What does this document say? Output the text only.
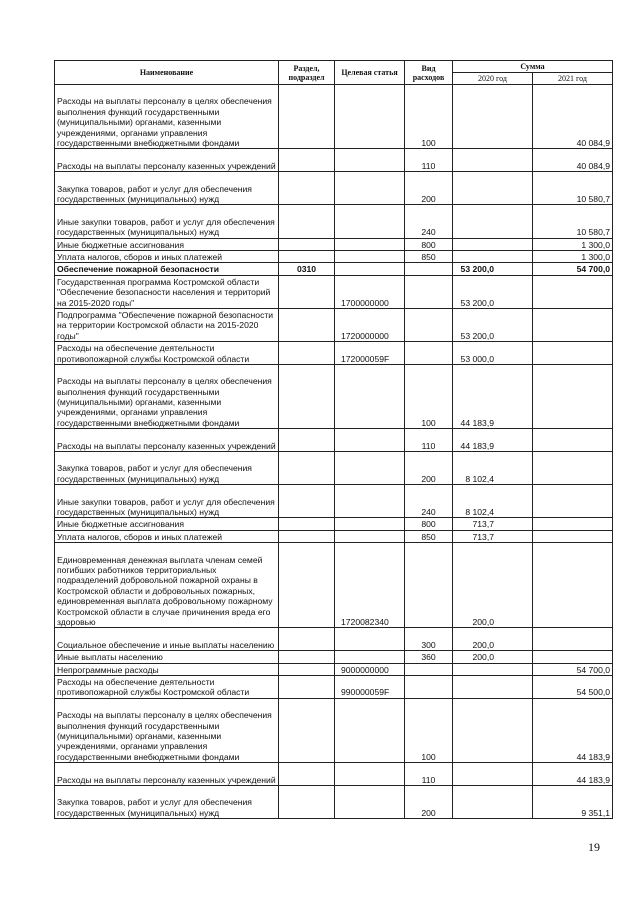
Наименование	Раздел, подраздел	Целевая статья	Вид расходов	Сумма	
				2020 год	2021 год
Расходы на выплаты персоналу в целях обеспечения выполнения функций государственными (муниципальными) органами, казенными учреждениями, органами управления государственными внебюджетными фондами			100		40 084,9
Расходы на выплаты персоналу казенных учреждений			110		40 084,9
Закупка товаров, работ и услуг для обеспечения государственных (муниципальных) нужд			200		10 580,7
Иные закупки товаров, работ и услуг для обеспечения государственных (муниципальных) нужд			240		10 580,7
Иные бюджетные ассигнования			800		1 300,0
Уплата налогов, сборов и иных платежей			850		1 300,0
Обеспечение пожарной безопасности	0310			53 200,0	54 700,0
Государственная программа Костромской области "Обеспечение безопасности населения и территорий на 2015-2020 годы"		1700000000		53 200,0	
Подпрограмма "Обеспечение пожарной безопасности на территории Костромской области на 2015-2020 годы"		1720000000		53 200,0	
Расходы на обеспечение деятельности противопожарной службы Костромской области		172000059F		53 000,0	
Расходы на выплаты персоналу в целях обеспечения выполнения функций государственными (муниципальными) органами, казенными учреждениями, органами управления государственными внебюджетными фондами			100	44 183,9	
Расходы на выплаты персоналу казенных учреждений			110	44 183,9	
Закупка товаров, работ и услуг для обеспечения государственных (муниципальных) нужд			200	8 102,4	
Иные закупки товаров, работ и услуг для обеспечения государственных (муниципальных) нужд			240	8 102,4	
Иные бюджетные ассигнования			800	713,7	
Уплата налогов, сборов и иных платежей			850	713,7	
Единовременная денежная выплата членам семей погибших работников территориальных подразделений добровольной пожарной охраны в Костромской области и добровольных пожарных, единовременная выплата добровольному пожарному Костромской области в случае причинения вреда его здоровью		1720082340		200,0	
Социальное обеспечение и иные выплаты населению			300	200,0	
Иные выплаты населению			360	200,0	
Непрограммные расходы		9000000000			54 700,0
Расходы на обеспечение деятельности противопожарной службы Костромской области		990000059F			54 500,0
Расходы на выплаты персоналу в целях обеспечения выполнения функций государственными (муниципальными) органами, казенными учреждениями, органами управления государственными внебюджетными фондами			100		44 183,9
Расходы на выплаты персоналу казенных учреждений			110		44 183,9
Закупка товаров, работ и услуг для обеспечения государственных (муниципальных) нужд			200		9 351,1
19
